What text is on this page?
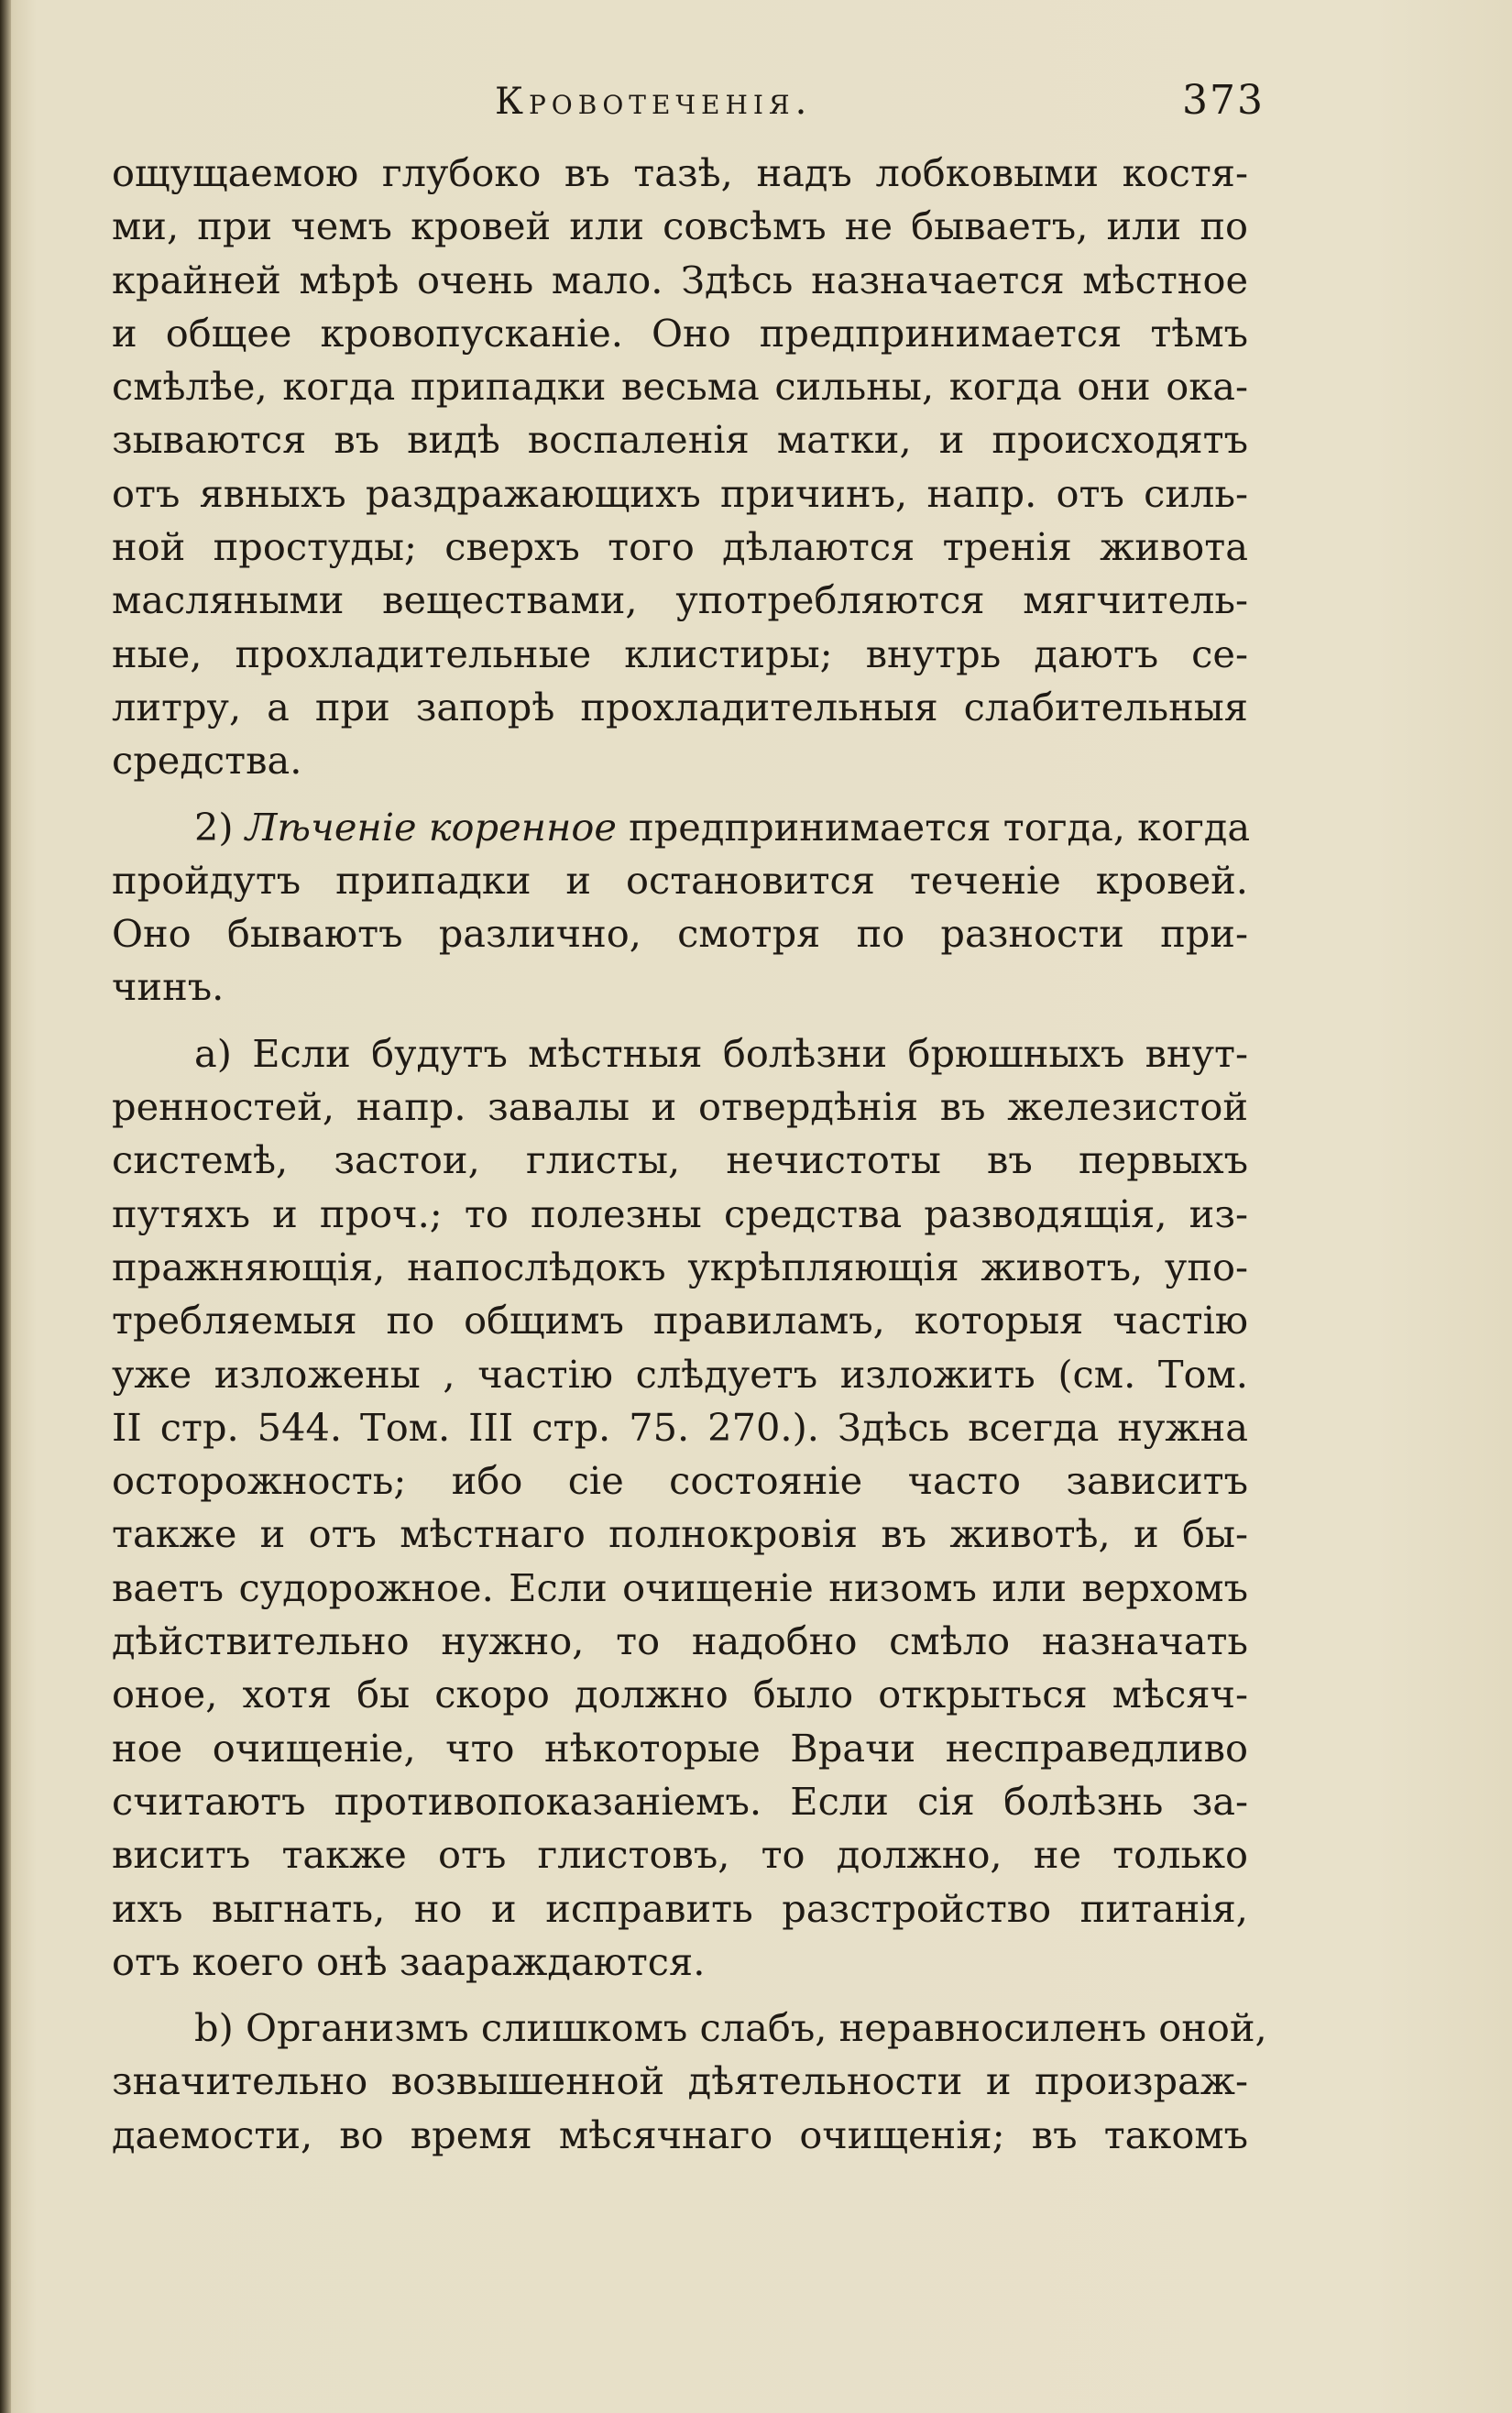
Кровотеченія.	373
ощущаемою глубоко въ тазѣ, надъ лобковыми костя-
ми, при чемъ кровей или совсѣмъ не бываетъ, или по
крайней мѣрѣ очень мало. Здѣсь назначается мѣстное
и общее кровопусканіе. Оно предпринимается тѣмъ
смѣлѣе, когда припадки весьма сильны, когда они ока-
зываются въ видѣ воспаленія матки, и происходятъ
отъ явныхъ раздражающихъ причинъ, напр. отъ силь-
ной простуды; сверхъ того дѣлаются тренія живота
масляными веществами, употребляются мягчитель-
ные, прохладительные клистиры; внутрь даютъ се-
литру, а при запорѣ прохладительныя слабительныя
средства.
2) Лѣченіе коренное предпринимается тогда, когда
пройдутъ припадки и остановится теченіе кровей.
Оно бываютъ различно, смотря по разности при-
чинъ.
a) Если будутъ мѣстныя болѣзни брюшныхъ внут-
ренностей, напр. завалы и отвердѣнія въ железистой
системѣ, застои, глисты, нечистоты въ первыхъ
путяхъ и проч.; то полезны средства разводящія, из-
пражняющія, напослѣдокъ укрѣпляющія животъ, упо-
требляемыя по общимъ правиламъ, которыя частію
уже изложены , частію слѣдуетъ изложить (см. Том.
II стр. 544. Том. III стр. 75. 270.). Здѣсь всегда нужна
осторожность; ибо сіе состояніе часто зависитъ
также и отъ мѣстнаго полнокровія въ животѣ, и бы-
ваетъ судорожное. Если очищеніе низомъ или верхомъ
дѣйствительно нужно, то надобно смѣло назначать
оное, хотя бы скоро должно было открыться мѣсяч-
ное очищеніе, что нѣкоторые Врачи несправедливо
считаютъ противопоказаніемъ. Если сія болѣзнь за-
виситъ также отъ глистовъ, то должно, не только
ихъ выгнать, но и исправить разстройство питанія,
отъ коего онѣ заараждаются.
b) Организмъ слишкомъ слабъ, неравносиленъ оной,
значительно возвышенной дѣятельности и произраж-
даемости, во время мѣсячнаго очищенія; въ такомъ
